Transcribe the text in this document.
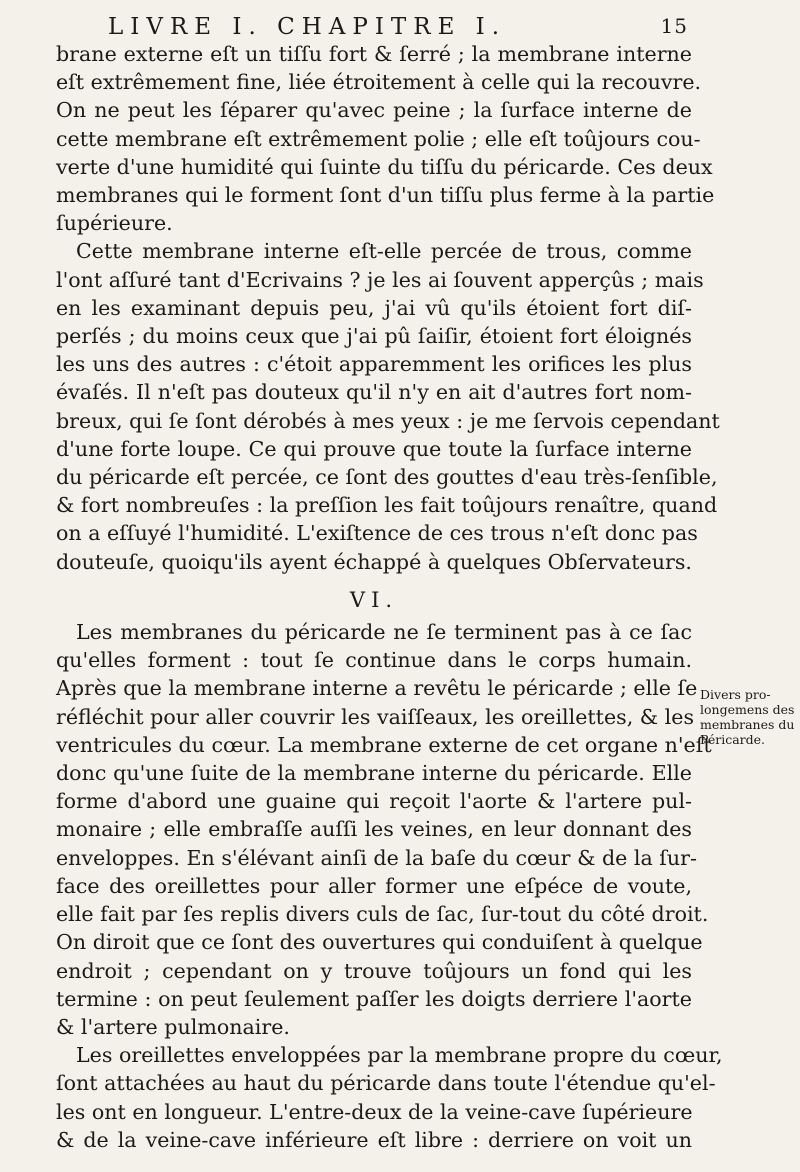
LIVRE I. CHAPITRE I.	15
brane externe eſt un tiſſu fort & ſerré ; la membrane interne
eſt extrêmement fine, liée étroitement à celle qui la recouvre.
On ne peut les ſéparer qu'avec peine ; la ſurface interne de
cette membrane eſt extrêmement polie ; elle eſt toûjours cou-
verte d'une humidité qui ſuinte du tiſſu du péricarde. Ces deux
membranes qui le forment ſont d'un tiſſu plus ferme à la partie
ſupérieure.
Cette membrane interne eſt-elle percée de trous, comme
l'ont aſſuré tant d'Ecrivains ? je les ai ſouvent apperçûs ; mais
en les examinant depuis peu, j'ai vû qu'ils étoient fort diſ-
perſés ; du moins ceux que j'ai pû ſaiſir, étoient fort éloignés
les uns des autres : c'étoit apparemment les orifices les plus
évaſés. Il n'eſt pas douteux qu'il n'y en ait d'autres fort nom-
breux, qui ſe ſont dérobés à mes yeux : je me ſervois cependant
d'une forte loupe. Ce qui prouve que toute la ſurface interne
du péricarde eſt percée, ce ſont des gouttes d'eau très-ſenſible,
& fort nombreuſes : la preſſion les fait toûjours renaître, quand
on a eſſuyé l'humidité. L'exiſtence de ces trous n'eſt donc pas
douteuſe, quoiqu'ils ayent échappé à quelques Obſervateurs.
VI.
Les membranes du péricarde ne ſe terminent pas à ce ſac
qu'elles forment : tout ſe continue dans le corps humain.
Après que la membrane interne a revêtu le péricarde ; elle ſe
réfléchit pour aller couvrir les vaiſſeaux, les oreillettes, & les
ventricules du cœur. La membrane externe de cet organe n'eſt
donc qu'une ſuite de la membrane interne du péricarde. Elle
forme d'abord une guaine qui reçoit l'aorte & l'artere pul-
monaire ; elle embraſſe auſſi les veines, en leur donnant des
enveloppes. En s'élévant ainſi de la baſe du cœur & de la ſur-
face des oreillettes pour aller former une eſpéce de voute,
elle fait par ſes replis divers culs de ſac, ſur-tout du côté droit.
On diroit que ce ſont des ouvertures qui conduiſent à quelque
endroit ; cependant on y trouve toûjours un fond qui les
termine : on peut ſeulement paſſer les doigts derriere l'aorte
& l'artere pulmonaire.
Les oreillettes enveloppées par la membrane propre du cœur,
ſont attachées au haut du péricarde dans toute l'étendue qu'el-
les ont en longueur. L'entre-deux de la veine-cave ſupérieure
& de la veine-cave inférieure eſt libre : derriere on voit un
Divers pro-
longemens des
membranes du
Péricarde.
